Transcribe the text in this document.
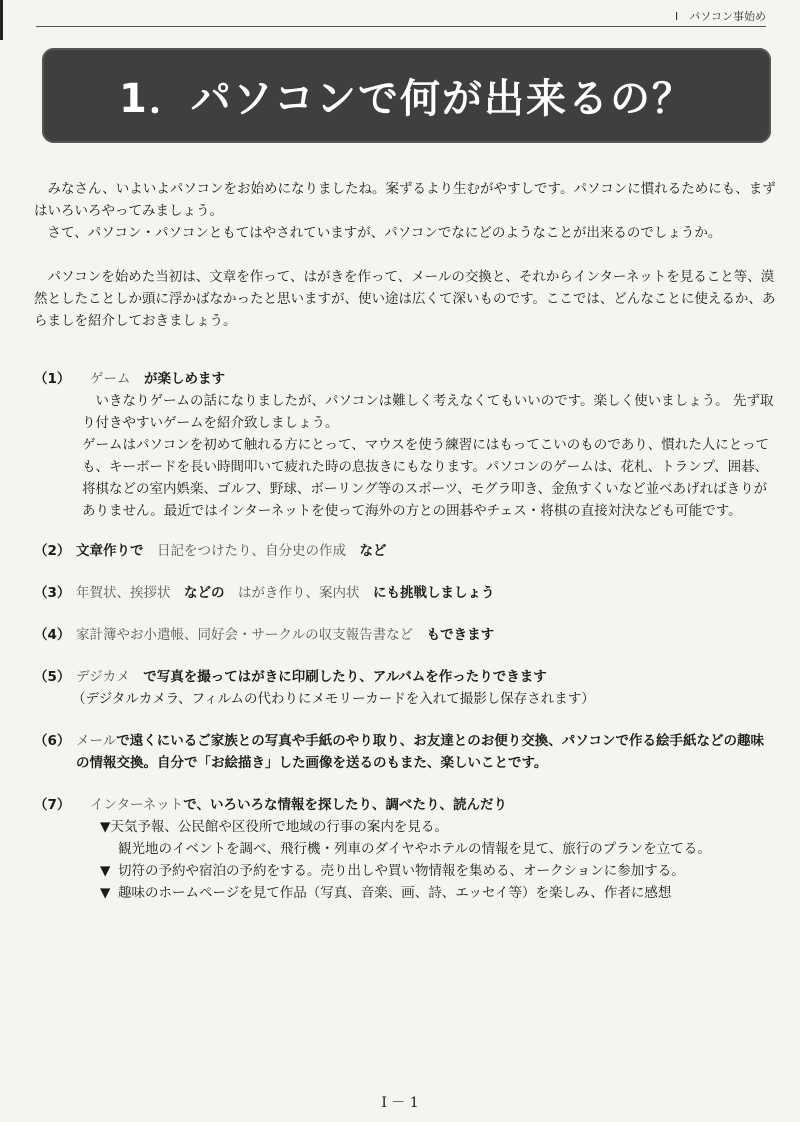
I　パソコン事始め
1．パソコンで何が出来るの？

みなさん、いよいよパソコンをお始めになりましたね。案ずるより生むがやすしです。パソコンに慣れるためにも、まずはいろいろやってみましょう。

さて、パソコン・パソコンともてはやされていますが、パソコンでなにどのようなことが出来るのでしょうか。

パソコンを始めた当初は、文章を作って、はがきを作って、メールの交換と、それからインターネットを見ること等、漠然としたことしか頭に浮かばなかったと思いますが、使い途は広くて深いものです。ここでは、どんなことに使えるか、あらましを紹介しておきましょう。

（1）	ゲーム　 が楽しめます

いきなりゲームの話になりましたが、パソコンは難しく考えなくてもいいのです。楽しく使いましょう。 先ず取り付きやすいゲームを紹介致しましょう。

ゲームはパソコンを初めて触れる方にとって、マウスを使う練習にはもってこいのものであり、慣れた人にとっても、キーボードを長い時間叩いて疲れた時の息抜きにもなります。パソコンのゲームは、花札、トランプ、囲碁、将棋などの室内娯楽、ゴルフ、野球、ボーリング等のスポーツ、モグラ叩き、金魚すくいなど並べあげればきりがありません。最近ではインターネットを使って海外の方との囲碁やチェス・将棋の直接対決なども可能です。

（2） 文章作りで　 日記をつけたり、自分史の作成　 など
（3） 年賀状、挨拶状　 などの　 はがき作り、案内状　 にも挑戦しましょう
（4） 家計簿やお小遣帳、同好会・サークルの収支報告書など　 もできます
（5） デジカメ　 で写真を撮ってはがきに印刷したり、アルバムを作ったりできます

（デジタルカメラ、フィルムの代わりにメモリーカードを入れて撮影し保存されます）

（6） メールで遠くにいるご家族との写真や手紙のやり取り、お友達とのお便り交換、パソコンで作る絵手紙などの趣味の情報交換。自分で「お絵描き」した画像を送るのもまた、楽しいことです。
（7）	インターネットで、いろいろな情報を探したり、調べたり、読んだり
▼天気予報、公民館や区役所で地域の行事の案内を見る。
観光地のイベントを調べ、飛行機・列車のダイヤやホテルの情報を見て、旅行のプランを立てる。
▼ 切符の予約や宿泊の予約をする。売り出しや買い物情報を集める、オークションに参加する。
▼ 趣味のホームページを見て作品（写真、音楽、画、詩、エッセイ等）を楽しみ、作者に感想
I － 1
